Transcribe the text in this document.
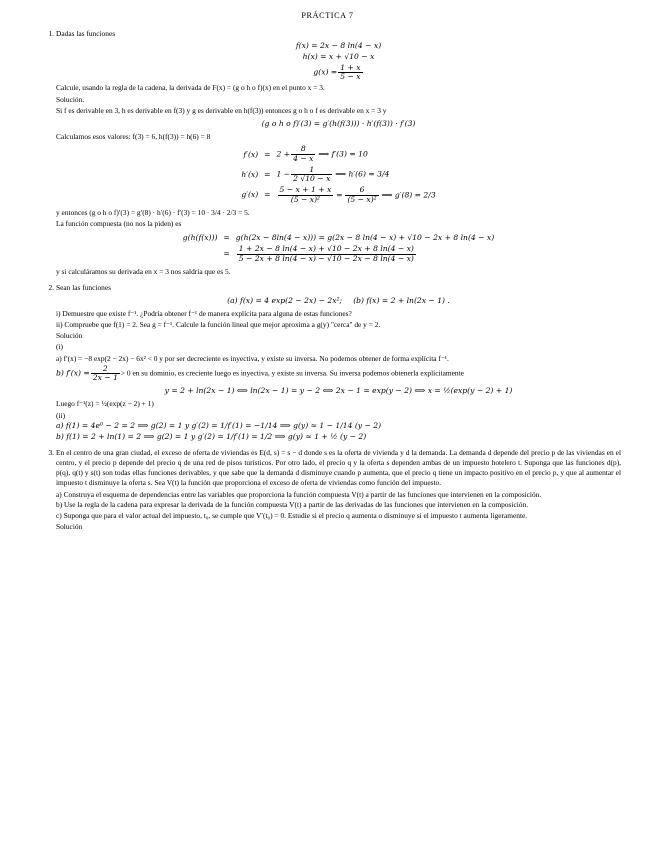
PRÁCTICA 7
1. Dadas las funciones
f(x) = 2x − 8 ln(4 − x)
h(x) = x + √10 − x
$g(x) = \frac{1 + x}{5 - x}$
Calcule, usando la regla de la cadena, la derivada de F(x) = (g o h o f)(x) en el punto x = 3.
Solución.
Si f es derivable en 3, h es derivable en f(3) y g es derivable en h(f(3)) entonces g o h o f es derivable en x = 3 y
(g o h o f)′(3) = g′(h(f(3))) · h′(f(3)) · f′(3)
Calculamos esos valores: f(3) = 6, h(f(3)) = h(6) = 8
f′(x)	=	$2 + \frac{8}{4 - x}$ ⟹ f′(3) = 10
h′(x)	=	$1 - \frac{1}{2 √10 - x}$ ⟹ h′(6) = 3/4
g′(x)	=	$\frac{5 - x + 1 + x}{\text{(5 − x)²}} = \frac{6}{\text{(5 − x)²}}$ ⟹ g′(8) = 2/3
y entonces (g o h o f)′(3) = g′(8) · h′(6) · f′(3) = 10 · 3/4 · 2/3 = 5.
La función compuesta (no nos la piden) es
g(h(f(x)))	=	g(h(2x − 8ln(4 − x))) = g(2x − 8 ln(4 − x) + √10 − 2x + 8 ln(4 − x)
	=	$\frac{1 + 2x - 8 \ln(4 - x) + √10 - 2x + 8 \ln(4 - x)}{5 - 2x + 8 \ln(4 - x) - √10 - 2x - 8 \ln(4 - x)}$
y si calculáramos su derivada en x = 3 nos saldría que es 5.
2. Sean las funciones
(a) f(x) = 4 exp(2 − 2x) − 2x²; (b) f(x) = 2 + ln(2x − 1) .
i) Demuestre que existe f⁻¹. ¿Podría obtener f⁻¹ de manera explícita para alguna de estas funciones?
ii) Compruebe que f(1) = 2. Sea g = f⁻¹. Calcule la función lineal que mejor aproxima a g(y) "cerca" de y = 2.
Solución
(i)
a) f′(x) = −8 exp(2 − 2x) − 6x² < 0 y por ser decreciente es inyectiva, y existe su inversa. No podemos obtener de forma explícita f⁻¹.
b) $f'(x) = \frac{2}{2x - 1} > 0$ en su dominio, es creciente luego es inyectiva, y existe su inversa. Su inversa podemos obtenerla explícitamente
y = 2 + ln(2x − 1) ⟺ ln(2x − 1) = y − 2 ⟺ 2x − 1 = exp(y − 2) ⟺ x = ½(exp(y − 2) + 1)
Luego f⁻¹(z) = ½(exp(z − 2) + 1)
(ii)
a) f(1) = 4e⁰ − 2 = 2 ⟹ g(2) = 1 y g′(2) = 1/f′(1) = −1/14 ⟹ g(y) ≈ 1 − 1/14 (y − 2)
b) f(1) = 2 + ln(1) = 2 ⟹ g(2) = 1 y g′(2) = 1/f′(1) = 1/2 ⟹ g(y) ≈ 1 + ½ (y − 2)
3. En el centro de una gran ciudad, el exceso de oferta de viviendas es E(d, s) = s − d donde s es la oferta de vivienda y d la demanda. La demanda d depende del precio p de las viviendas en el centro, y el precio p depende del precio q de una red de pisos turísticos. Por otro lado, el precio q y la oferta s dependen ambas de un impuesto hotelero t. Suponga que las funciones d(p), p(q), q(t) y s(t) son todas ellas funciones derivables, y que sabe que la demanda d disminuye cuando p aumenta, que el precio q tiene un impacto positivo en el precio p, y que al aumentar el impuesto t disminuye la oferta s. Sea V(t) la función que proporciona el exceso de oferta de viviendas como función del impuesto.
a) Construya el esquema de dependencias entre las variables que proporciona la función compuesta V(t) a partir de las funciones que intervienen en la composición.
b) Use la regla de la cadena para expresar la derivada de la función compuesta V(t) a partir de las derivadas de las funciones que intervienen en la composición.
c) Suponga que para el valor actual del impuesto, t₀, se cumple que V′(t₀) = 0. Estudie si el precio q aumenta o disminuye si el impuesto t aumenta ligeramente.
Solución
